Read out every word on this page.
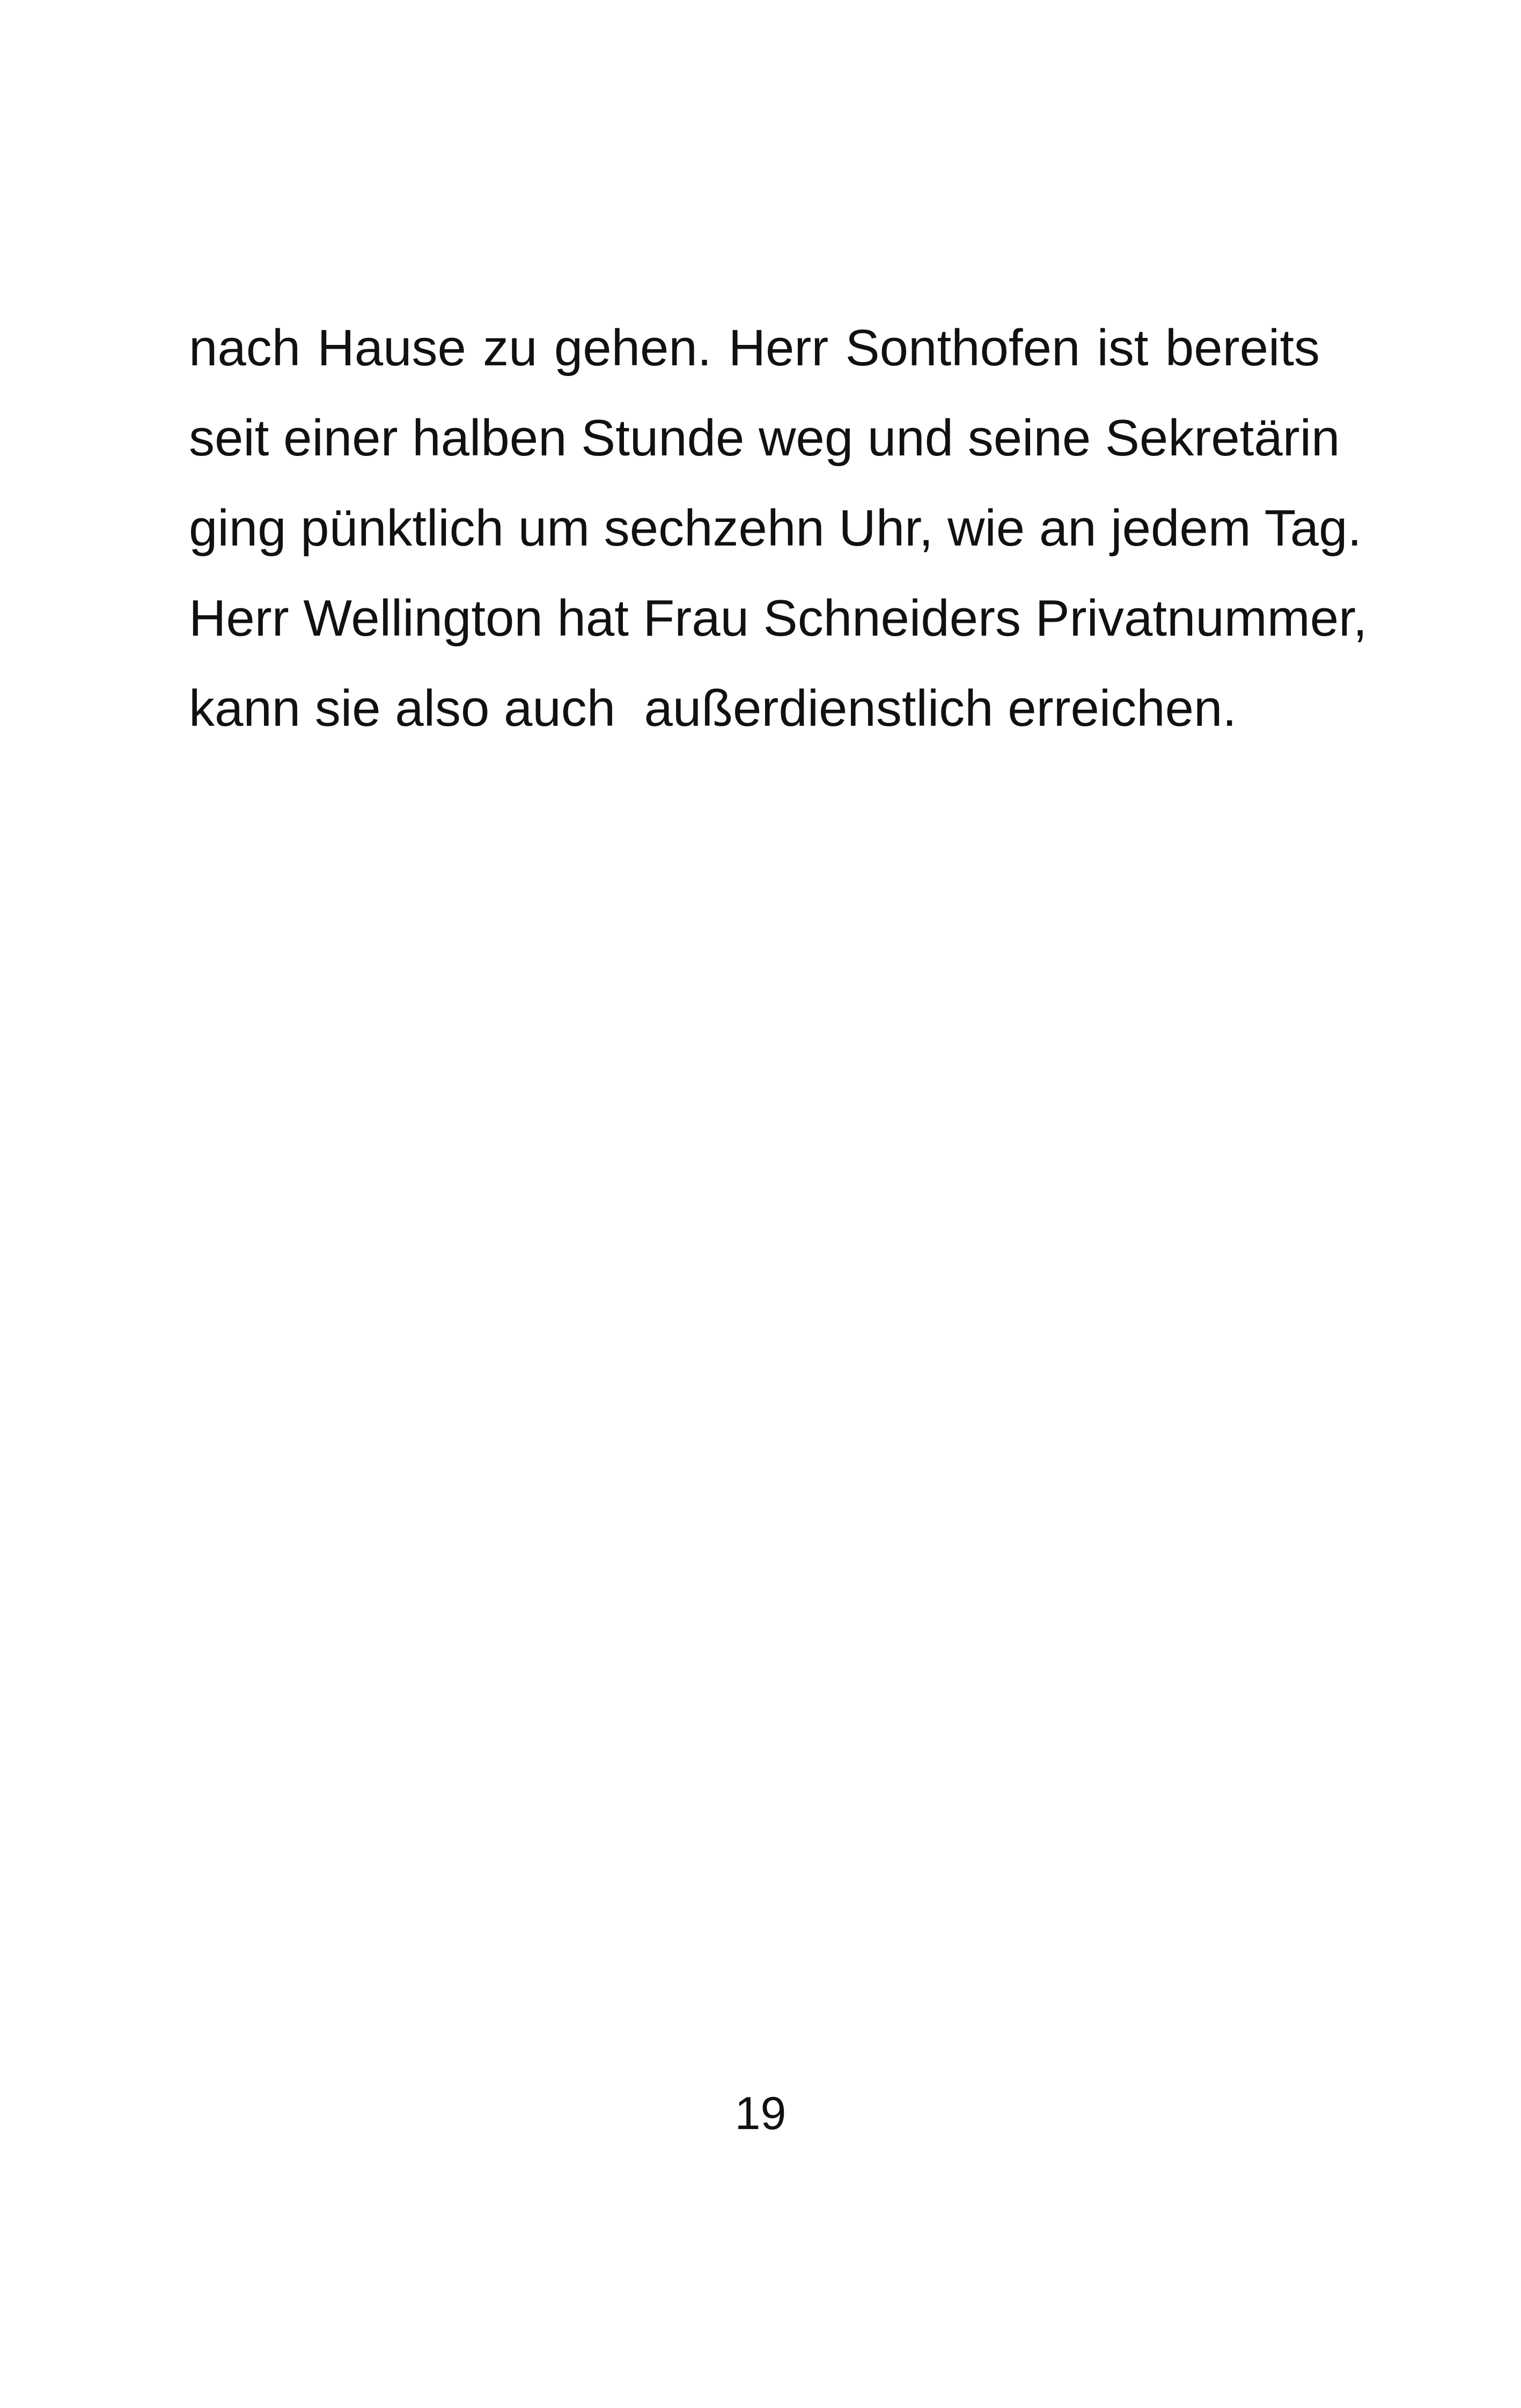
nach Hause zu gehen. Herr Sonthofen ist bereits
seit einer halben Stunde weg und seine Sekretärin
ging pünktlich um sechzehn Uhr, wie an jedem Tag.
Herr Wellington hat Frau Schneiders Privatnummer,
kann sie also auch  außerdienstlich erreichen.
19
